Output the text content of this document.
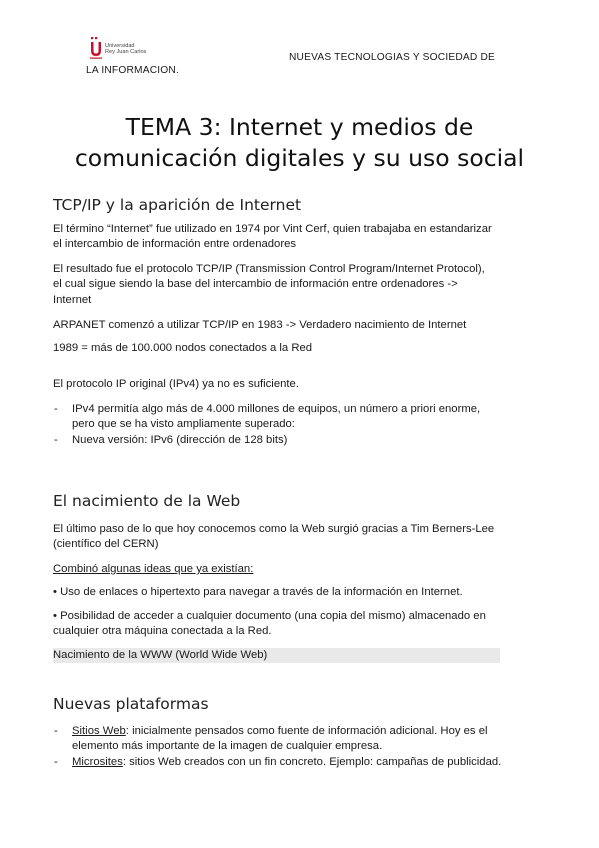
Universidad
Rey Juan Carlos	NUEVAS TECNOLOGIAS Y SOCIEDAD DE
LA INFORMACION.
TEMA 3: Internet y medios de
comunicación digitales y su uso social
TCP/IP y la aparición de Internet
El término “Internet” fue utilizado en 1974 por Vint Cerf, quien trabajaba en estandarizar
el intercambio de información entre ordenadores
El resultado fue el protocolo TCP/IP (Transmission Control Program/Internet Protocol),
el cual sigue siendo la base del intercambio de información entre ordenadores ->
Internet
ARPANET comenzó a utilizar TCP/IP en 1983 -> Verdadero nacimiento de Internet
1989 = más de 100.000 nodos conectados a la Red
El protocolo IP original (IPv4) ya no es suficiente.
- IPv4 permitía algo más de 4.000 millones de equipos, un número a priori enorme,
pero que se ha visto ampliamente superado:
- Nueva versión: IPv6 (dirección de 128 bits)
El nacimiento de la Web
El último paso de lo que hoy conocemos como la Web surgió gracias a Tim Berners-Lee
(científico del CERN)
Combinó algunas ideas que ya existían:
• Uso de enlaces o hipertexto para navegar a través de la información en Internet.
• Posibilidad de acceder a cualquier documento (una copia del mismo) almacenado en
cualquier otra máquina conectada a la Red.
Nacimiento de la WWW (World Wide Web)
Nuevas plataformas
- Sitios Web: inicialmente pensados como fuente de información adicional. Hoy es el
elemento más importante de la imagen de cualquier empresa.
- Microsites: sitios Web creados con un fin concreto. Ejemplo: campañas de publicidad.
